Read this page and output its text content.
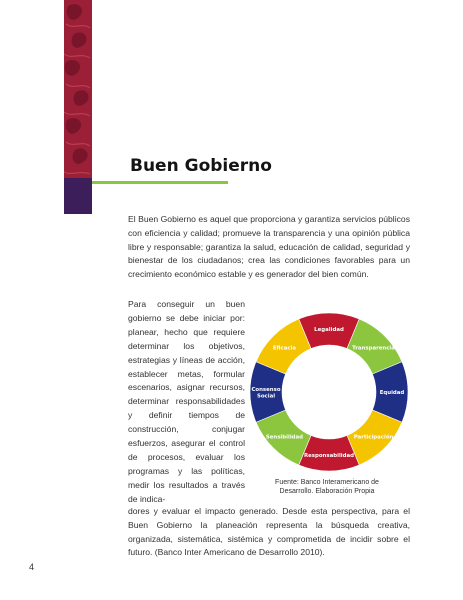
Buen Gobierno

El Buen Gobierno es aquel que proporciona y garantiza servicios públicos con eficiencia y calidad; promueve la transparencia y una opinión pública libre y responsable; garantiza la salud, educación de calidad, seguridad y bienestar de los ciudadanos; crea las condiciones favorables para un crecimiento económico estable y es generador del bien común.

Para conseguir un buen gobierno se debe iniciar por: planear, hecho que requiere determinar los objetivos, estrategias y líneas de acción, establecer metas, formular escenarios, asignar recursos, determinar responsabilidades y definir tiempos de construcción, conjugar esfuerzos, asegurar el control de procesos, evaluar los programas y las políticas, medir los resultados a través de indica-

Legalidad
Transparencia
Equidad
Participación
Responsabilidad
Sensibilidad
Consenso Social
Eficacia

Fuente: Banco Interamericano de
Desarrollo. Elaboración Propia

dores y evaluar el impacto generado. Desde esta perspectiva, para el Buen Gobierno la planeación representa la búsqueda creativa, organizada, sistemática, sistémica y comprometida de incidir sobre el futuro. (Banco Inter Americano de Desarrollo 2010).

4
